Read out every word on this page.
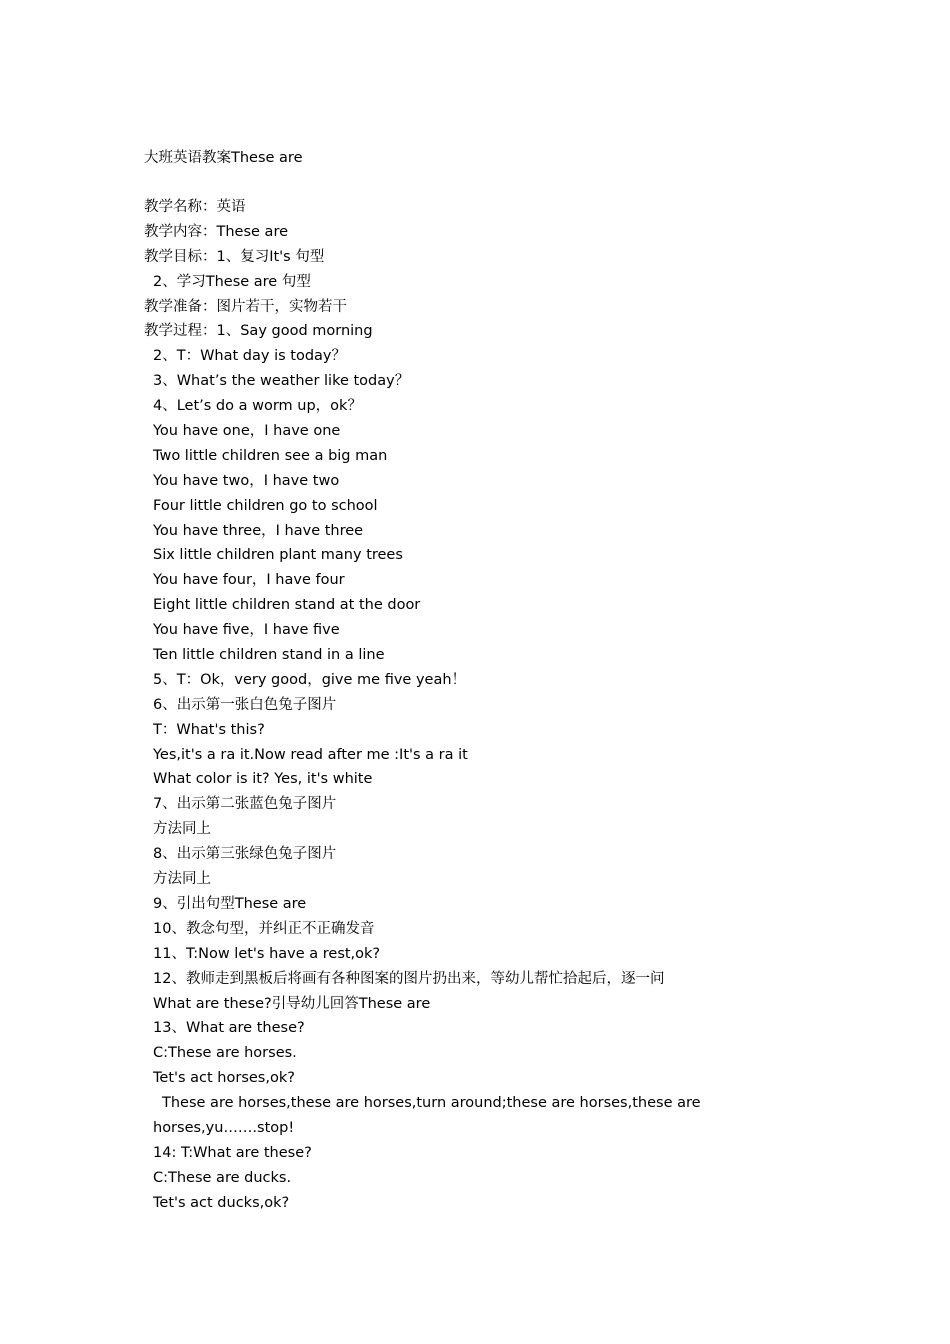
大班英语教案These are
教学名称：英语
教学内容：These are
教学目标：1、复习It's 句型
2、学习These are 句型
教学准备：图片若干，实物若干
教学过程：1、Say good morning
2、T：What day is today？
3、What’s the weather like today？
4、Let’s do a worm up，ok？
You have one，I have one
Two little children see a big man
You have two，I have two
Four little children go to school
You have three，I have three
Six little children plant many trees
You have four，I have four
Eight little children stand at the door
You have five，I have five
Ten little children stand in a line
5、T：Ok，very good，give me five yeah！
6、出示第一张白色兔子图片
T：What's this?
Yes,it's a ra it.Now read after me :It's a ra it
What color is it? Yes, it's white
7、出示第二张蓝色兔子图片
方法同上
8、出示第三张绿色兔子图片
方法同上
9、引出句型These are
10、教念句型，并纠正不正确发音
11、T:Now let's have a rest,ok?
12、教师走到黑板后将画有各种图案的图片扔出来，等幼儿帮忙拾起后，逐一问
What are these?引导幼儿回答These are
13、What are these?
C:These are horses.
Tet's act horses,ok?
These are horses,these are horses,turn around;these are horses,these are horses,yu…….stop!
14: T:What are these?
C:These are ducks.
Tet's act ducks,ok?
